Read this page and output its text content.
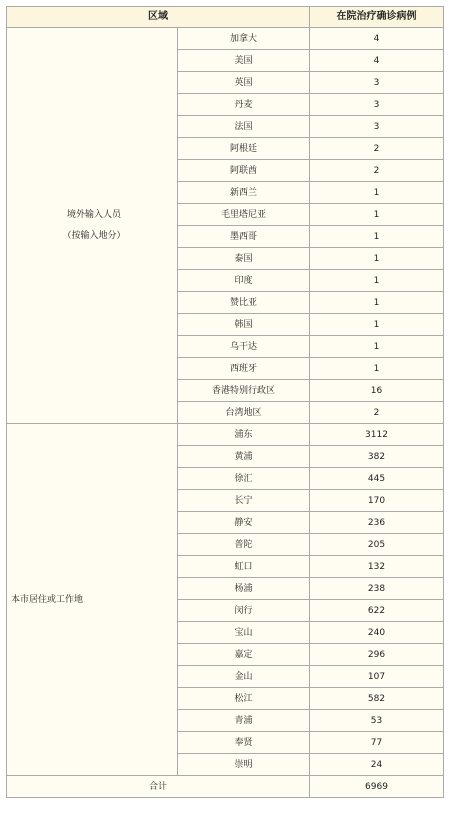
区域		在院治疗确诊病例

境外输入人员
（按输入地分）	加拿大	4
	美国	4
	英国	3
	丹麦	3
	法国	3
	阿根廷	2
	阿联酋	2
	新西兰	1
	毛里塔尼亚	1
	墨西哥	1
	泰国	1
	印度	1
	赞比亚	1
	韩国	1
	乌干达	1
	西班牙	1
	香港特别行政区	16
	台湾地区	2
本市居住或工作地	浦东	3112
	黄浦	382
	徐汇	445
	长宁	170
	静安	236
	普陀	205
	虹口	132
	杨浦	238
	闵行	622
	宝山	240
	嘉定	296
	金山	107
	松江	582
	青浦	53
	奉贤	77
	崇明	24
合计		6969
